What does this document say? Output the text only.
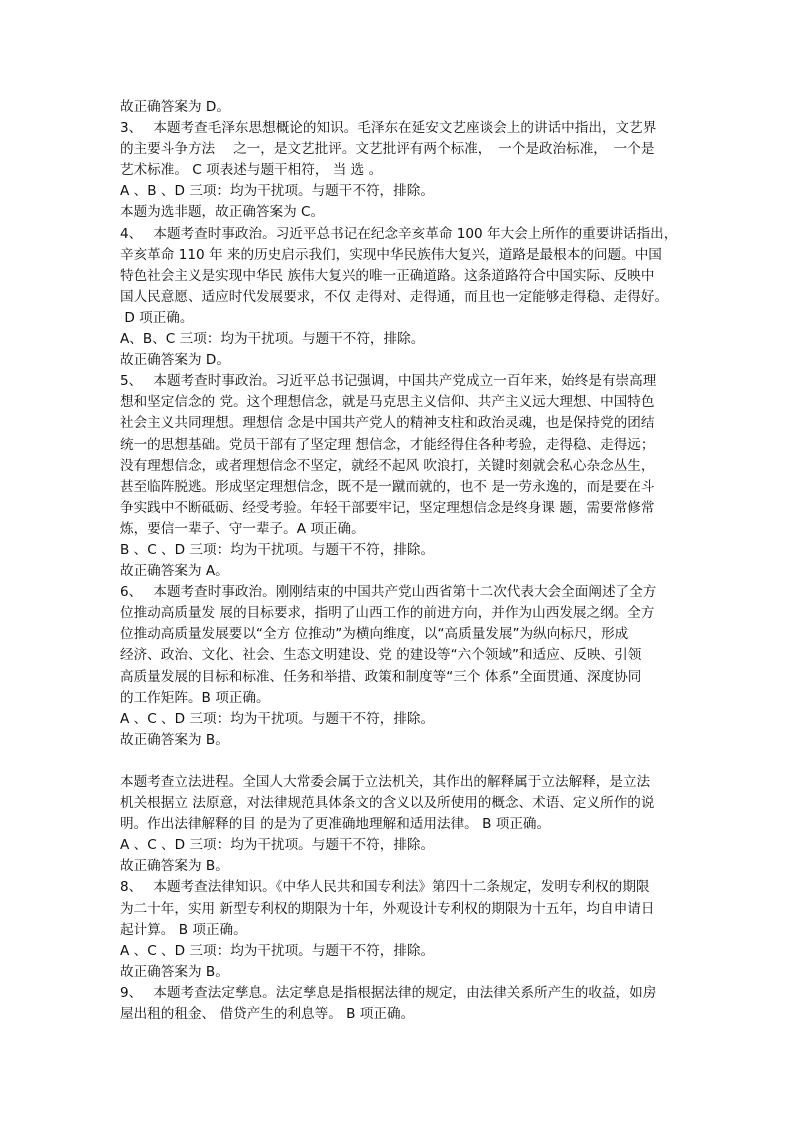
故正确答案为 D。
3、　 本题考查毛泽东思想概论的知识。毛泽东在延安文艺座谈会上的讲话中指出，文艺界
的主要斗争方法　 之一，是文艺批评。文艺批评有两个标准，　一个是政治标准，　一个是
艺术标准。 C 项表述与题干相符， 当 选 。
A 、B 、D 三项：均为干扰项。与题干不符，排除。
本题为选非题，故正确答案为 C。
4、　 本题考查时事政治。习近平总书记在纪念辛亥革命 100 年大会上所作的重要讲话指出，
辛亥革命 110 年 来的历史启示我们，实现中华民族伟大复兴，道路是最根本的问题。中国
特色社会主义是实现中华民 族伟大复兴的唯一正确道路。这条道路符合中国实际、反映中
国人民意愿、适应时代发展要求，不仅 走得对、走得通，而且也一定能够走得稳、走得好。
D 项正确。
A、B、C 三项：均为干扰项。与题干不符，排除。
故正确答案为 D。
5、　 本题考查时事政治。习近平总书记强调，中国共产党成立一百年来，始终是有崇高理
想和坚定信念的 党。这个理想信念，就是马克思主义信仰、共产主义远大理想、中国特色
社会主义共同理想。理想信 念是中国共产党人的精神支柱和政治灵魂，也是保持党的团结
统一的思想基础。党员干部有了坚定理 想信念，才能经得住各种考验，走得稳、走得远；
没有理想信念，或者理想信念不坚定，就经不起风 吹浪打，关键时刻就会私心杂念丛生，
甚至临阵脱逃。形成坚定理想信念，既不是一蹴而就的，也不 是一劳永逸的，而是要在斗
争实践中不断砥砺、经受考验。年轻干部要牢记，坚定理想信念是终身课 题，需要常修常
炼，要信一辈子、守一辈子。A 项正确。
B 、C 、D 三项：均为干扰项。与题干不符，排除。
故正确答案为 A。
6、　 本题考查时事政治。刚刚结束的中国共产党山西省第十二次代表大会全面阐述了全方
位推动高质量发 展的目标要求，指明了山西工作的前进方向，并作为山西发展之纲。全方
位推动高质量发展要以“全方 位推动”为横向维度，以“高质量发展”为纵向标尺，形成
经济、政治、文化、社会、生态文明建设、党 的建设等“六个领域”和适应、反映、引领
高质量发展的目标和标准、任务和举措、政策和制度等“三个 体系”全面贯通、深度协同
的工作矩阵。B 项正确。
A 、C 、D 三项：均为干扰项。与题干不符，排除。
故正确答案为 B。
本题考查立法进程。全国人大常委会属于立法机关，其作出的解释属于立法解释，是立法
机关根据立 法原意，对法律规范具体条文的含义以及所使用的概念、术语、定义所作的说
明。作出法律解释的目 的是为了更准确地理解和适用法律。 B 项正确。
A 、C 、D 三项：均为干扰项。与题干不符，排除。
故正确答案为 B。
8、　 本题考查法律知识。《中华人民共和国专利法》第四十二条规定，发明专利权的期限
为二十年，实用 新型专利权的期限为十年，外观设计专利权的期限为十五年，均自申请日
起计算。 B 项正确。
A 、C 、D 三项：均为干扰项。与题干不符，排除。
故正确答案为 B。
9、　 本题考查法定孳息。法定孳息是指根据法律的规定，由法律关系所产生的收益，如房
屋出租的租金、 借贷产生的利息等。 B 项正确。
